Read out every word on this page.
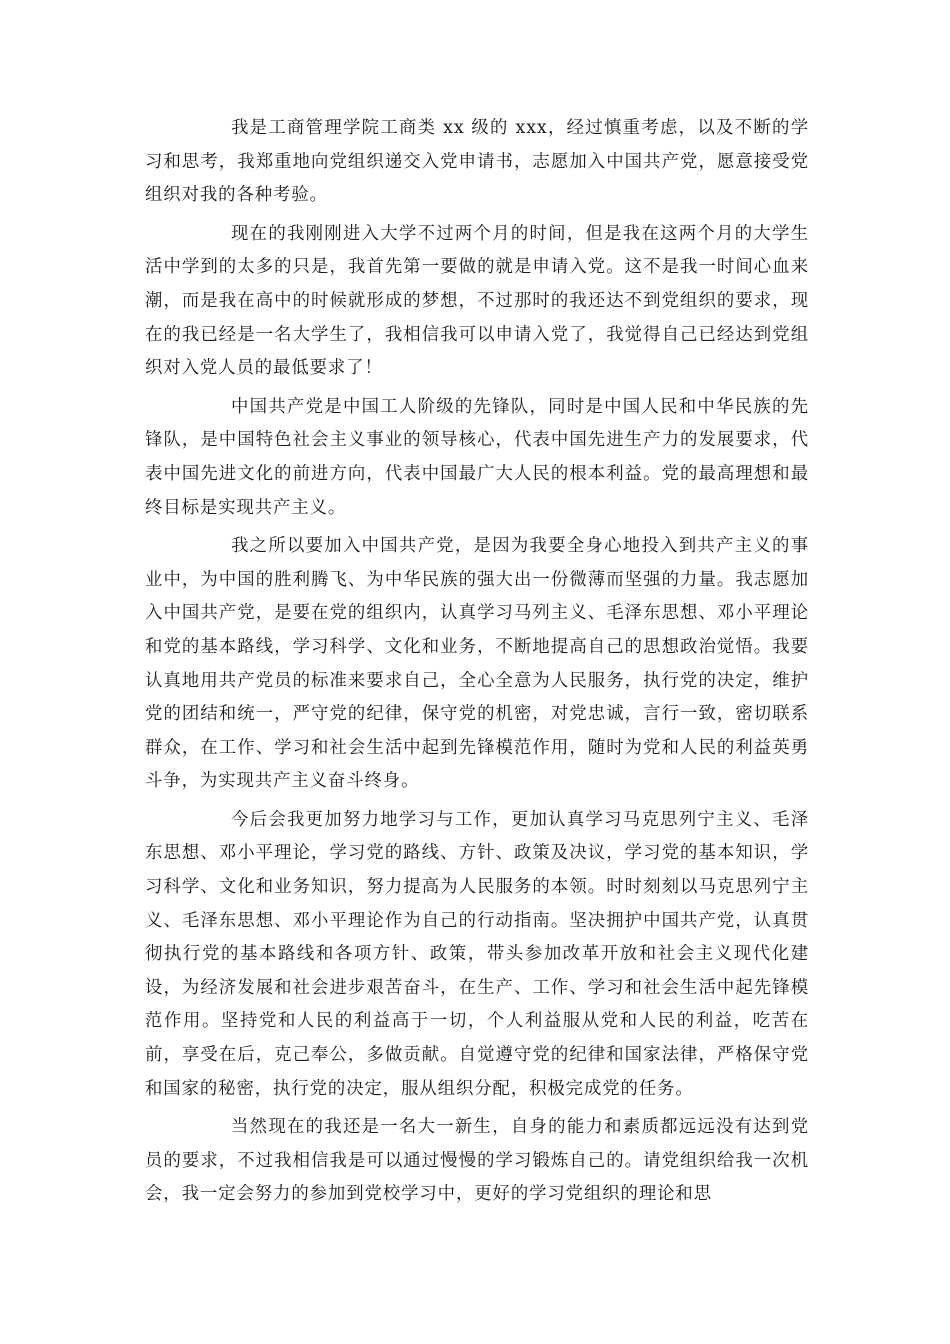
我是工商管理学院工商类 xx 级的 xxx，经过慎重考虑，以及不断的学习和思考，我郑重地向党组织递交入党申请书，志愿加入中国共产党，愿意接受党组织对我的各种考验。

现在的我刚刚进入大学不过两个月的时间，但是我在这两个月的大学生活中学到的太多的只是，我首先第一要做的就是申请入党。这不是我一时间心血来潮，而是我在高中的时候就形成的梦想，不过那时的我还达不到党组织的要求，现在的我已经是一名大学生了，我相信我可以申请入党了，我觉得自己已经达到党组织对入党人员的最低要求了！

中国共产党是中国工人阶级的先锋队，同时是中国人民和中华民族的先锋队，是中国特色社会主义事业的领导核心，代表中国先进生产力的发展要求，代表中国先进文化的前进方向，代表中国最广大人民的根本利益。党的最高理想和最终目标是实现共产主义。

我之所以要加入中国共产党，是因为我要全身心地投入到共产主义的事业中，为中国的胜利腾飞、为中华民族的强大出一份微薄而坚强的力量。我志愿加入中国共产党，是要在党的组织内，认真学习马列主义、毛泽东思想、邓小平理论和党的基本路线，学习科学、文化和业务，不断地提高自己的思想政治觉悟。我要认真地用共产党员的标准来要求自己，全心全意为人民服务，执行党的决定，维护党的团结和统一，严守党的纪律，保守党的机密，对党忠诚，言行一致，密切联系群众，在工作、学习和社会生活中起到先锋模范作用，随时为党和人民的利益英勇斗争，为实现共产主义奋斗终身。

今后会我更加努力地学习与工作，更加认真学习马克思列宁主义、毛泽东思想、邓小平理论，学习党的路线、方针、政策及决议，学习党的基本知识，学习科学、文化和业务知识，努力提高为人民服务的本领。时时刻刻以马克思列宁主义、毛泽东思想、邓小平理论作为自己的行动指南。坚决拥护中国共产党，认真贯彻执行党的基本路线和各项方针、政策，带头参加改革开放和社会主义现代化建设，为经济发展和社会进步艰苦奋斗，在生产、工作、学习和社会生活中起先锋模范作用。坚持党和人民的利益高于一切，个人利益服从党和人民的利益，吃苦在前，享受在后，克己奉公，多做贡献。自觉遵守党的纪律和国家法律，严格保守党和国家的秘密，执行党的决定，服从组织分配，积极完成党的任务。

当然现在的我还是一名大一新生，自身的能力和素质都远远没有达到党员的要求，不过我相信我是可以通过慢慢的学习锻炼自己的。请党组织给我一次机会，我一定会努力的参加到党校学习中，更好的学习党组织的理论和思
